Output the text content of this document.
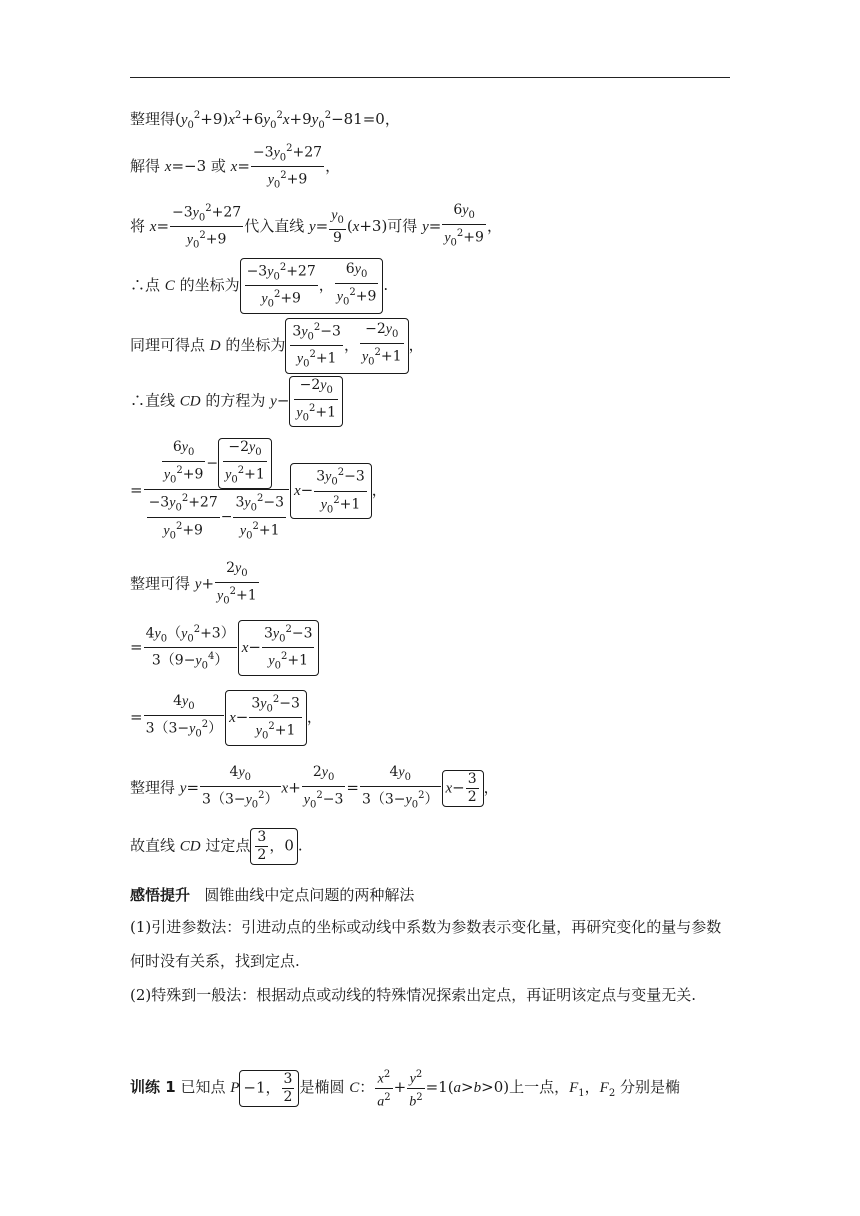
整理得$(y_0^2+9)x^2+6y_0^2x+9y_0^2-81=0$，
解得 x=−3 或 $x= \frac{-3y_0^2+27}{y_0^2+9}$ ，
将 $x= \frac{-3y_0^2+27}{y_0^2+9}$ 代入直线 $y= \frac{y_0}{9} (x+3)$可得 $y= \frac{6y_0}{y_0^2+9}$ ，
∴点 C 的坐标为 $\frac{-3y_0^2+27}{y_0^2+9}$ ， $\frac{6y_0}{y_0^2+9}$ .
同理可得点 D 的坐标为 $\frac{3y_0^2-3}{y_0^2+1}$ ， $\frac{-2y_0}{y_0^2+1}$ ，
∴直线 CD 的方程为 $y- \frac{-2y_0}{y_0^2+1}$
= $\frac{\frac{6y_0}{y_0^2+9} - \frac{-2y_0}{y_0^2+1}}{\frac{-3y_0^2+27}{y_0^2+9} - \frac{3y_0^2-3}{y_0^2+1}} x- \frac{3y_0^2-3}{y_0^2+1}$ ，
整理可得 $y+ \frac{2y_0}{y_0^2+1}$
= $\frac{4y_0(y_0^2+3)}{3(9-y_0^4)} x- \frac{3y_0^2-3}{y_0^2+1}$
= $\frac{4y_0}{3(3-y_0^2)} x- \frac{3y_0^2-3}{y_0^2+1}$ ，
整理得 $y= \frac{4y_0}{3(3-y_0^2)} x+ \frac{2y_0}{y_0^2-3} = \frac{4y_0}{3(3-y_0^2)} x- \frac{3}{2}$ ，
故直线 CD 过定点 $\frac{3}{2}$ ，0 .
感悟提升 圆锥曲线中定点问题的两种解法
(1)引进参数法：引进动点的坐标或动线中系数为参数表示变化量，再研究变化的量与参数何时没有关系，找到定点.
(2)特殊到一般法：根据动点或动线的特殊情况探索出定点，再证明该定点与变量无关.
训练 1 已知点 P −1， $\frac{3}{2}$ 是椭圆 C： $\frac{x^2}{a^2} + \frac{y^2}{b^2} =1(a>b>0)$上一点，$F_1$，$F_2$ 分别是椭
